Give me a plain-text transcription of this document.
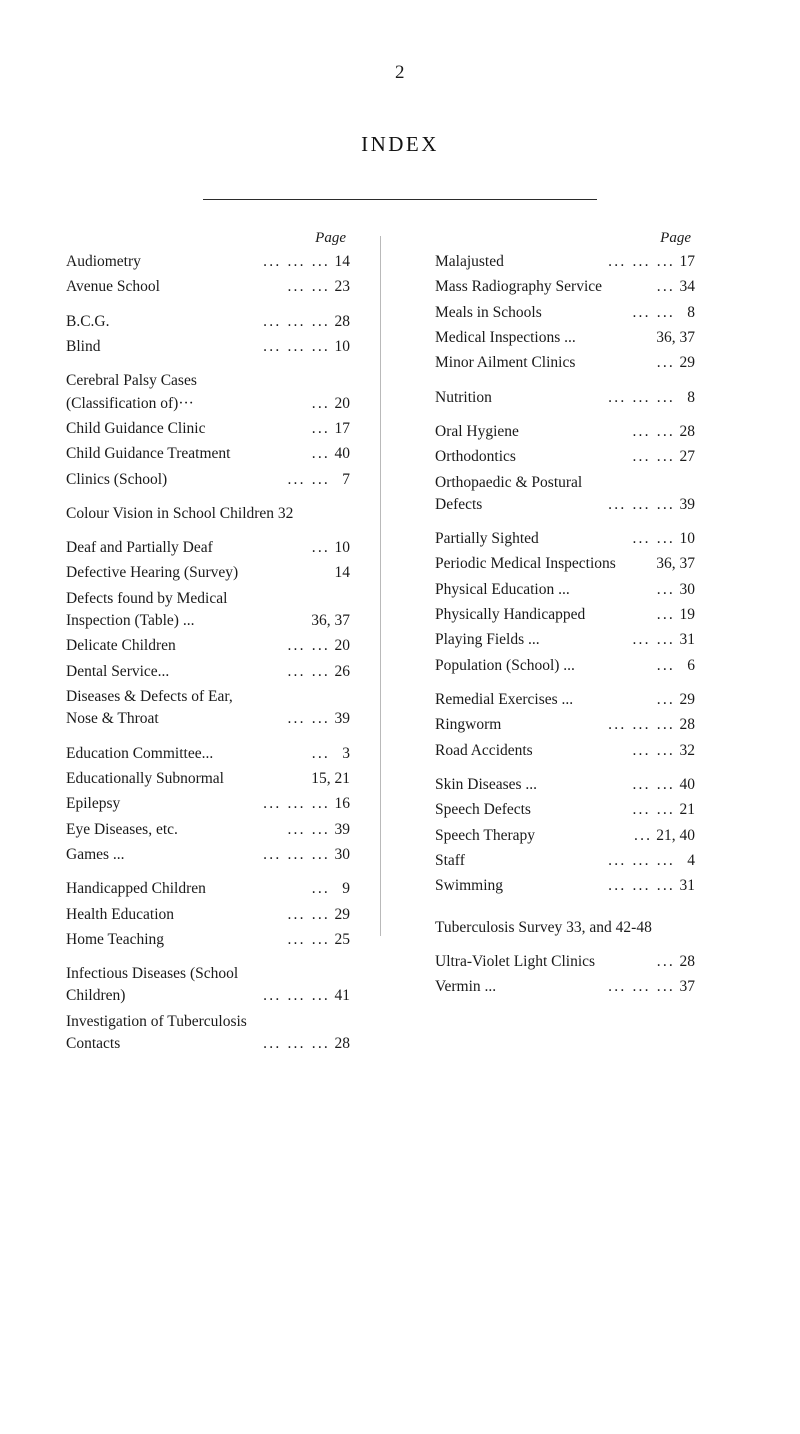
2
INDEX
Page
Audiometry	... ... ... 14
Avenue School	... ... 23
B.C.G.	... ... ... 28
Blind	... ... ... 10
Cerebral Palsy Cases
(Classification of)···	... 20
Child Guidance Clinic	... 17
Child Guidance Treatment	... 40
Clinics (School)	... ... 7
Colour Vision in School Children 32
Deaf and Partially Deaf	... 10
Defective Hearing (Survey)	14
Defects found by Medical
Inspection (Table) ...	36, 37
Delicate Children	... ... 20
Dental Service...	... ... 26
Diseases & Defects of Ear,
Nose & Throat	... ... 39
Education Committee...	... 3
Educationally Subnormal	15, 21
Epilepsy	... ... ... 16
Eye Diseases, etc.	... ... 39
Games ...	... ... ... 30
Handicapped Children	... 9
Health Education	... ... 29
Home Teaching	... ... 25
Infectious Diseases (School
Children)	... ... ... 41
Investigation of Tuberculosis
Contacts	... ... ... 28
Page
Malajusted	... ... ... 17
Mass Radiography Service	... 34
Meals in Schools	... ... 8
Medical Inspections ...	36, 37
Minor Ailment Clinics	... 29
Nutrition	... ... ... 8
Oral Hygiene	... ... 28
Orthodontics	... ... 27
Orthopaedic & Postural
Defects	... ... ... 39
Partially Sighted	... ... 10
Periodic Medical Inspections	36, 37
Physical Education ...	... 30
Physically Handicapped	... 19
Playing Fields ...	... ... 31
Population (School) ...	... 6
Remedial Exercises ...	... 29
Ringworm	... ... ... 28
Road Accidents	... ... 32
Skin Diseases ...	... ... 40
Speech Defects	... ... 21
Speech Therapy	... 21, 40
Staff	... ... ... 4
Swimming	... ... ... 31
Tuberculosis Survey 33, and 42-48
Ultra-Violet Light Clinics	... 28
Vermin ...	... ... ... 37
